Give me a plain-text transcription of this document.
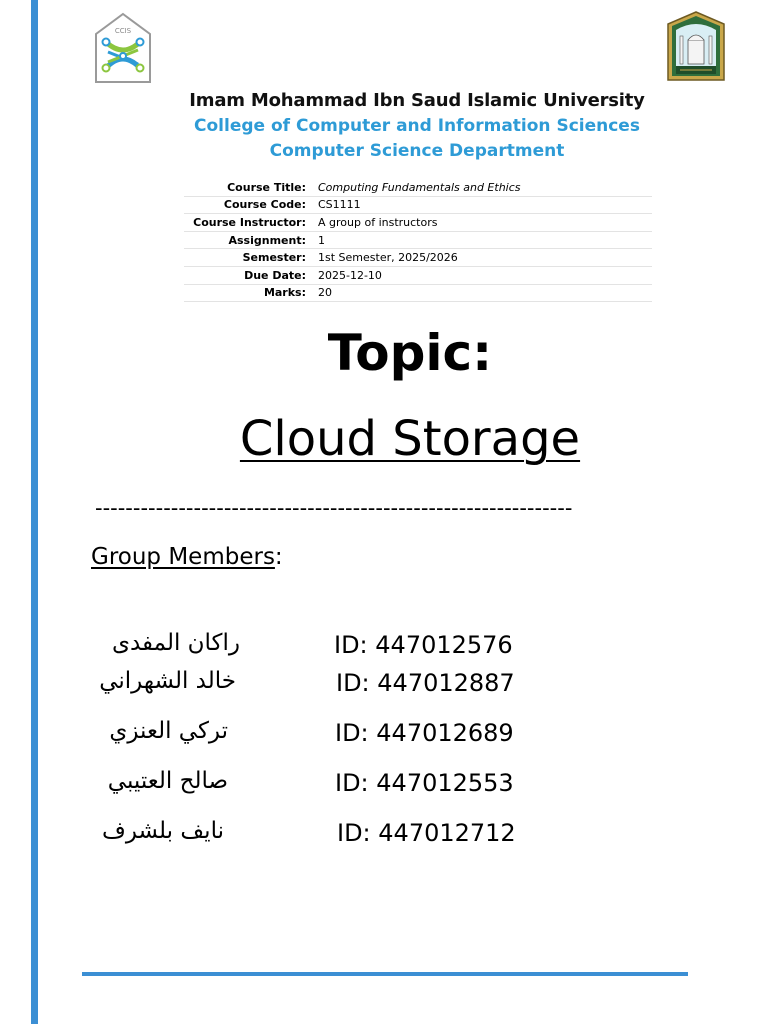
CCIS
Imam Mohammad Ibn Saud Islamic University
College of Computer and Information Sciences
Computer Science Department
Course Title:	Computing Fundamentals and Ethics
Course Code:	CS1111
Course Instructor:	A group of instructors
Assignment:	1
Semester:	1st Semester, 2025/2026
Due Date:	2025-12-10
Marks:	20
Topic:
Cloud Storage
---------------------------------------------------------------
Group Members:
راكان المفدى	ID: 447012576
خالد الشهراني	ID: 447012887
تركي العنزي	ID: 447012689
صالح العتيبي	ID: 447012553
نايف بلشرف	ID: 447012712
